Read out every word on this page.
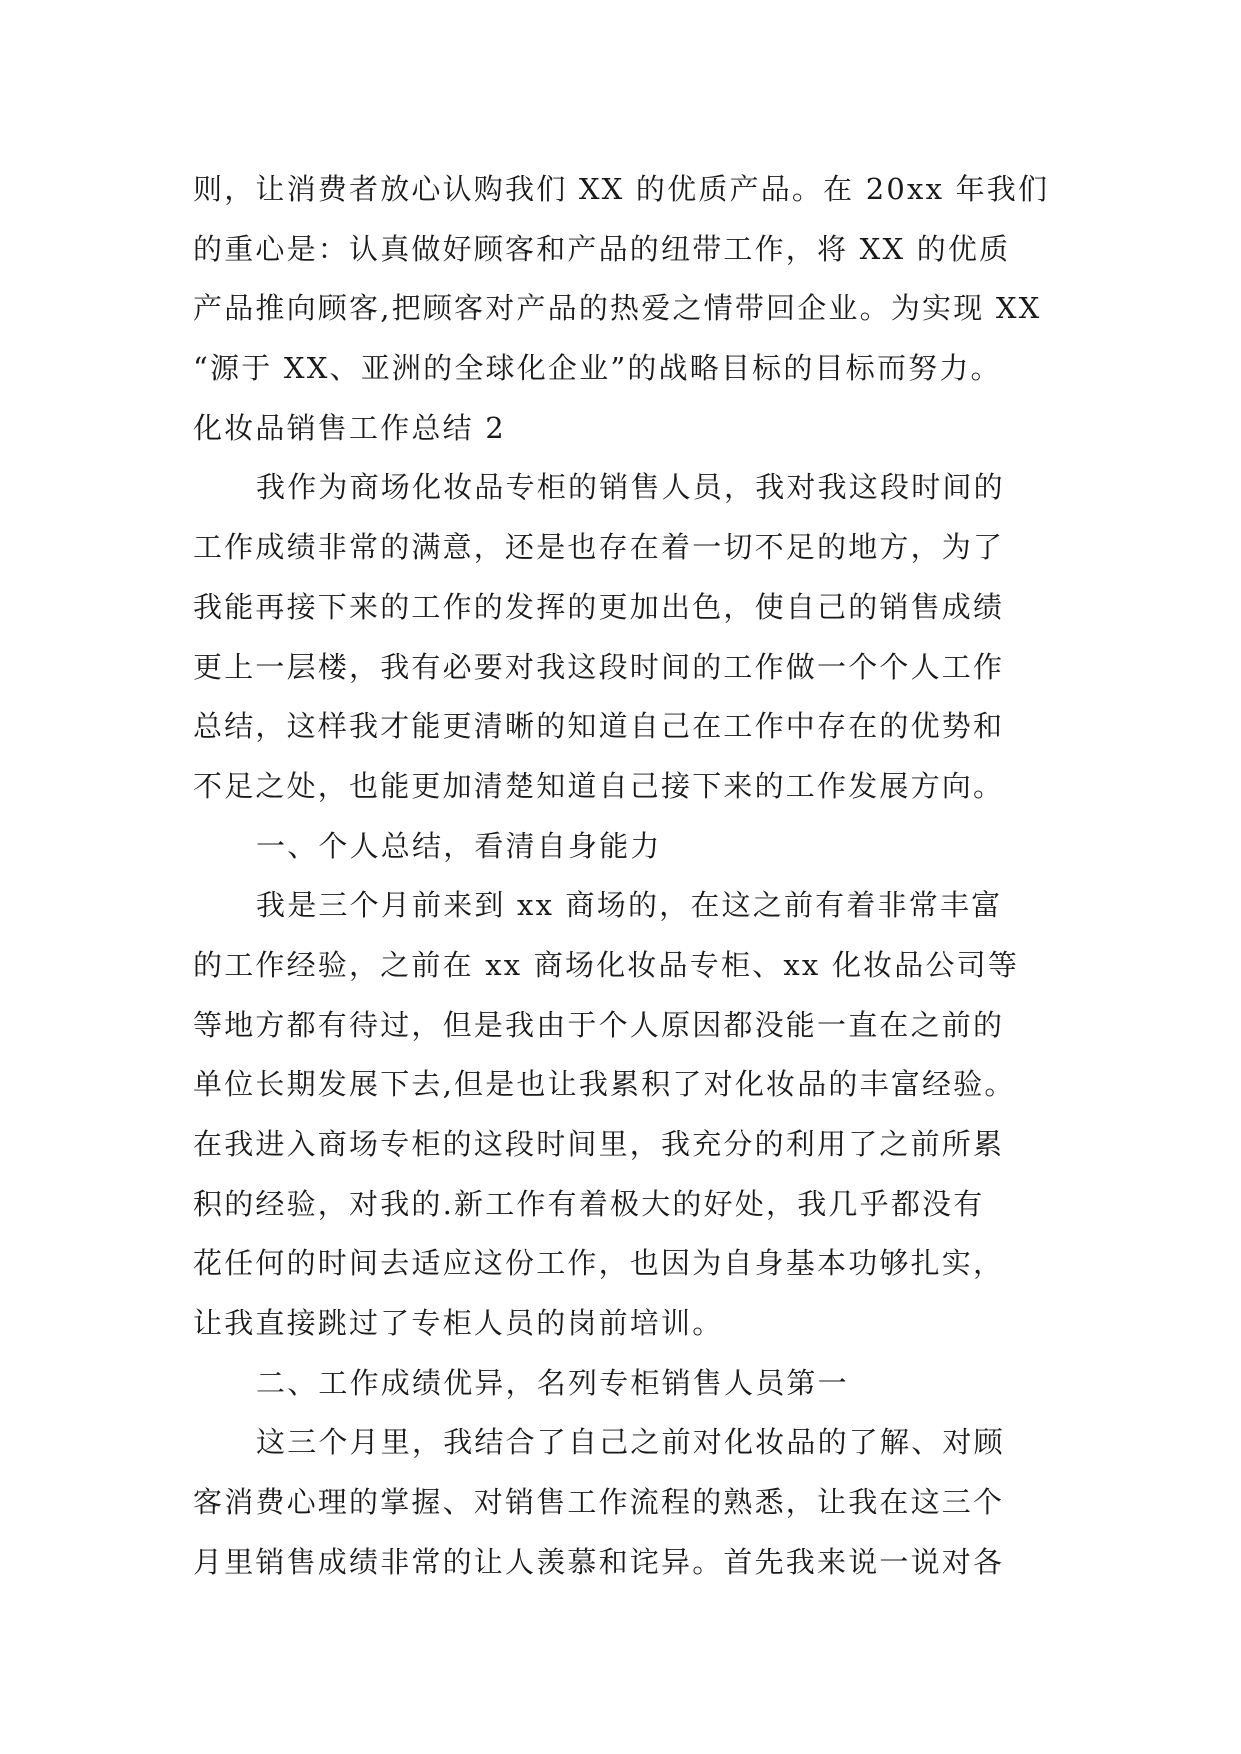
则，让消费者放心认购我们 XX 的优质产品。在 20xx 年我们
的重心是：认真做好顾客和产品的纽带工作，将 XX 的优质
产品推向顾客,把顾客对产品的热爱之情带回企业。为实现 XX
“源于 XX、亚洲的全球化企业”的战略目标的目标而努力。
化妆品销售工作总结 2
我作为商场化妆品专柜的销售人员，我对我这段时间的
工作成绩非常的满意，还是也存在着一切不足的地方，为了
我能再接下来的工作的发挥的更加出色，使自己的销售成绩
更上一层楼，我有必要对我这段时间的工作做一个个人工作
总结，这样我才能更清晰的知道自己在工作中存在的优势和
不足之处，也能更加清楚知道自己接下来的工作发展方向。
一、个人总结，看清自身能力
我是三个月前来到 xx 商场的，在这之前有着非常丰富
的工作经验，之前在 xx 商场化妆品专柜、xx 化妆品公司等
等地方都有待过，但是我由于个人原因都没能一直在之前的
单位长期发展下去,但是也让我累积了对化妆品的丰富经验。
在我进入商场专柜的这段时间里，我充分的利用了之前所累
积的经验，对我的.新工作有着极大的好处，我几乎都没有
花任何的时间去适应这份工作，也因为自身基本功够扎实，
让我直接跳过了专柜人员的岗前培训。
二、工作成绩优异，名列专柜销售人员第一
这三个月里，我结合了自己之前对化妆品的了解、对顾
客消费心理的掌握、对销售工作流程的熟悉，让我在这三个
月里销售成绩非常的让人羡慕和诧异。首先我来说一说对各
